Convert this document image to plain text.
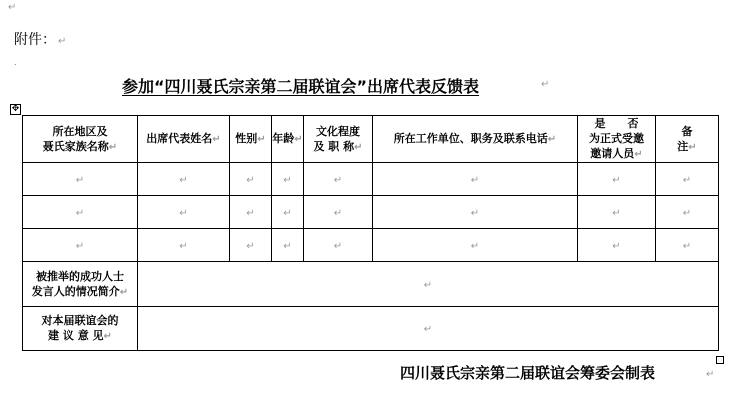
↵
附件： ↵
.
参加“四川聂氏宗亲第二届联谊会”出席代表反馈表	↵
✥
所在地区及
聂氏家族名称↵	出席代表姓名↵	性别↵	年龄↵	文化程度
及 职 称↵	所在工作单位、职务及联系电话↵	是　　否
为正式受邀
邀请人员↵	备
注↵
↵	↵	↵	↵	↵	↵	↵	↵
↵	↵	↵	↵	↵	↵	↵	↵
↵	↵	↵	↵	↵	↵	↵	↵
被推举的成功人士
发言人的情况简介↵	↵						
对本届联谊会的
建 议 意 见↵	↵						
四川聂氏宗亲第二届联谊会筹委会制表	↵
